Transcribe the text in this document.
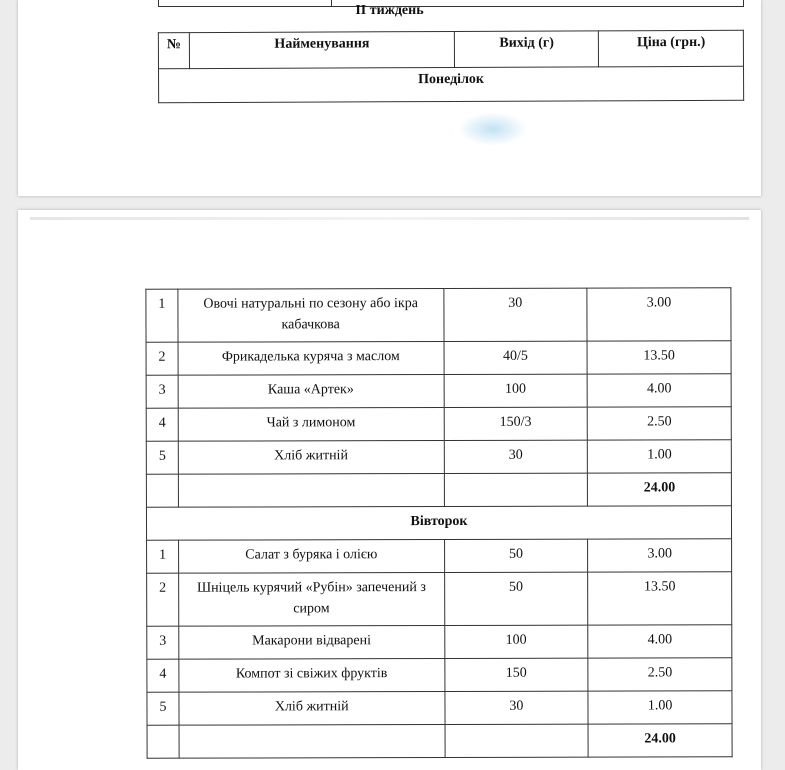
II тиждень
№	Найменування	Вихід (г)	Ціна (грн.)
Понеділок
1	Овочі натуральні по сезону або ікра кабачкова	30	3.00
2	Фрикаделька куряча з маслом	40/5	13.50
3	Каша «Артек»	100	4.00
4	Чай з лимоном	150/3	2.50
5	Хліб житній	30	1.00
			24.00
Вівторок			
1	Салат з буряка і олією	50	3.00
2	Шніцель курячий «Рубін» запечений з сиром	50	13.50
3	Макарони відварені	100	4.00
4	Компот зі свіжих фруктів	150	2.50
5	Хліб житній	30	1.00
			24.00
